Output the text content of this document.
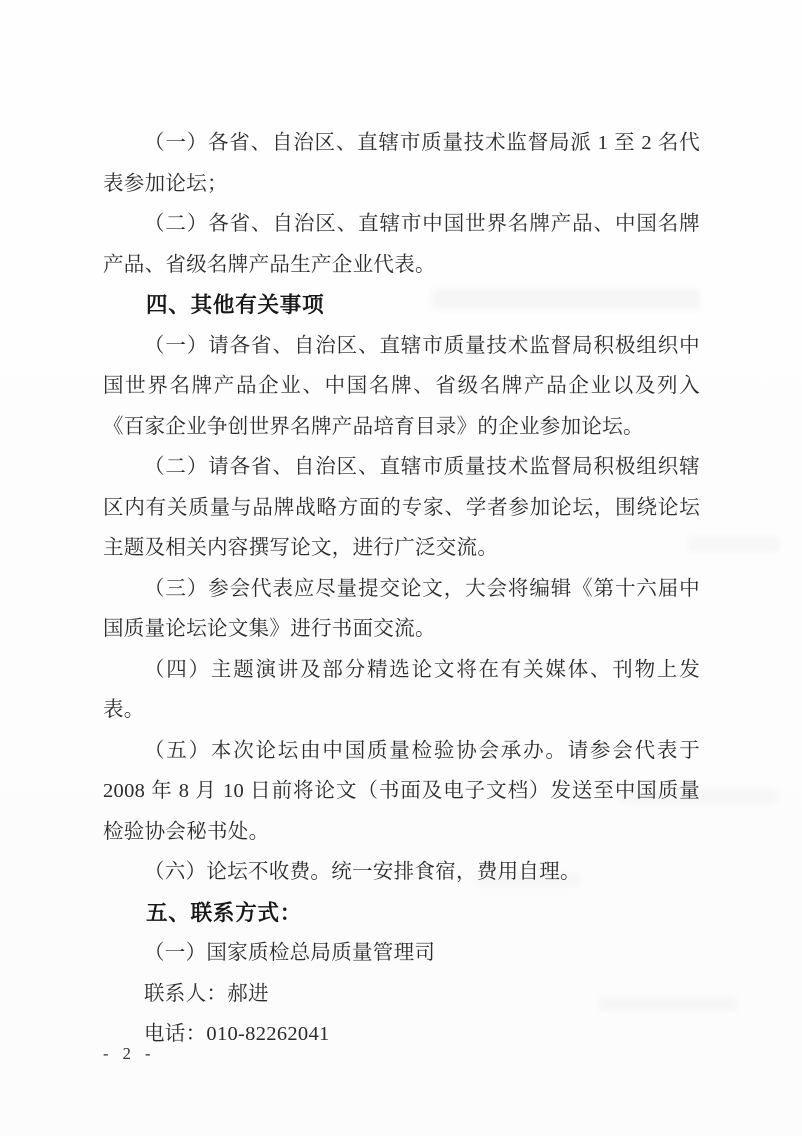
（一）各省、自治区、直辖市质量技术监督局派 1 至 2 名代表参加论坛；

（二）各省、自治区、直辖市中国世界名牌产品、中国名牌产品、省级名牌产品生产企业代表。

四、其他有关事项

（一）请各省、自治区、直辖市质量技术监督局积极组织中国世界名牌产品企业、中国名牌、省级名牌产品企业以及列入《百家企业争创世界名牌产品培育目录》的企业参加论坛。

（二）请各省、自治区、直辖市质量技术监督局积极组织辖区内有关质量与品牌战略方面的专家、学者参加论坛，围绕论坛主题及相关内容撰写论文，进行广泛交流。

（三）参会代表应尽量提交论文，大会将编辑《第十六届中国质量论坛论文集》进行书面交流。

（四）主题演讲及部分精选论文将在有关媒体、刊物上发表。

（五）本次论坛由中国质量检验协会承办。请参会代表于 2008 年 8 月 10 日前将论文（书面及电子文档）发送至中国质量检验协会秘书处。

（六）论坛不收费。统一安排食宿，费用自理。

五、联系方式：

（一）国家质检总局质量管理司

联系人：郝进

电话：010-82262041

- 2 -
